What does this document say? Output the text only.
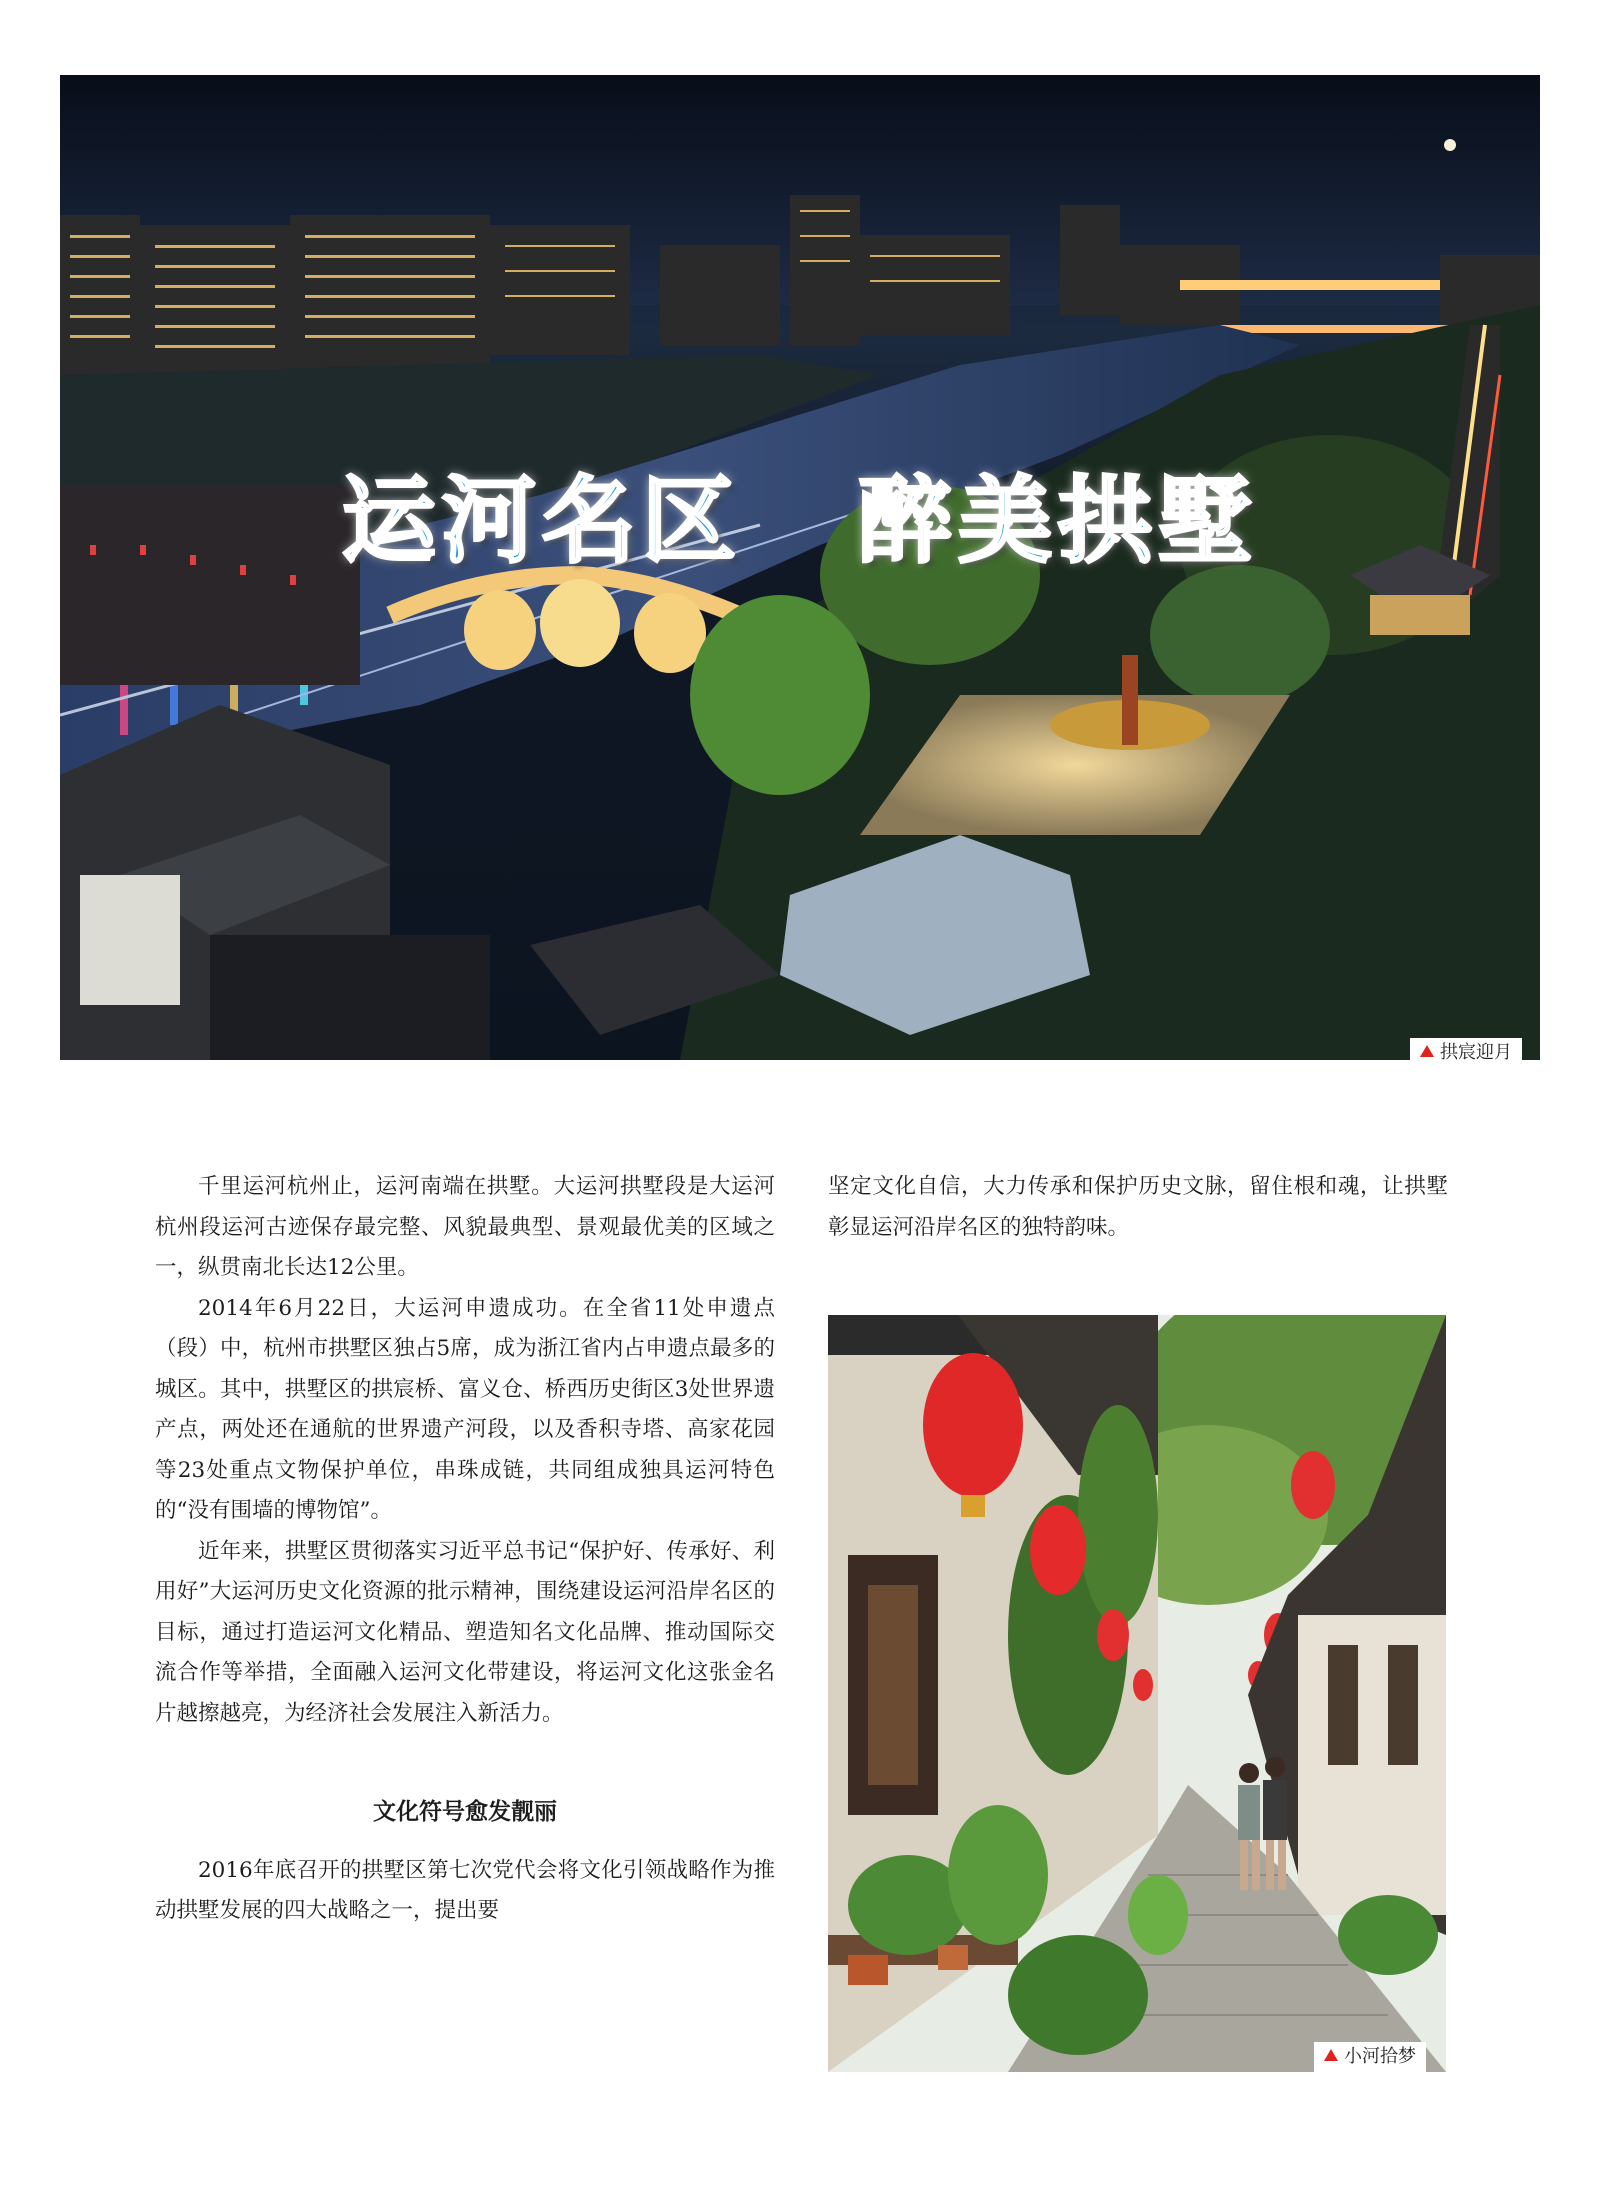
运河名区   醉美拱墅
拱宸迎月

千里运河杭州止，运河南端在拱墅。大运河拱墅段是大运河杭州段运河古迹保存最完整、风貌最典型、景观最优美的区域之一，纵贯南北长达12公里。

2014年6月22日，大运河申遗成功。在全省11处申遗点（段）中，杭州市拱墅区独占5席，成为浙江省内占申遗点最多的城区。其中，拱墅区的拱宸桥、富义仓、桥西历史街区3处世界遗产点，两处还在通航的世界遗产河段，以及香积寺塔、高家花园等23处重点文物保护单位，串珠成链，共同组成独具运河特色的“没有围墙的博物馆”。

近年来，拱墅区贯彻落实习近平总书记“保护好、传承好、利用好”大运河历史文化资源的批示精神，围绕建设运河沿岸名区的目标，通过打造运河文化精品、塑造知名文化品牌、推动国际交流合作等举措，全面融入运河文化带建设，将运河文化这张金名片越擦越亮，为经济社会发展注入新活力。

文化符号愈发靓丽

2016年底召开的拱墅区第七次党代会将文化引领战略作为推动拱墅发展的四大战略之一，提出要

坚定文化自信，大力传承和保护历史文脉，留住根和魂，让拱墅彰显运河沿岸名区的独特韵味。

小河拾梦
